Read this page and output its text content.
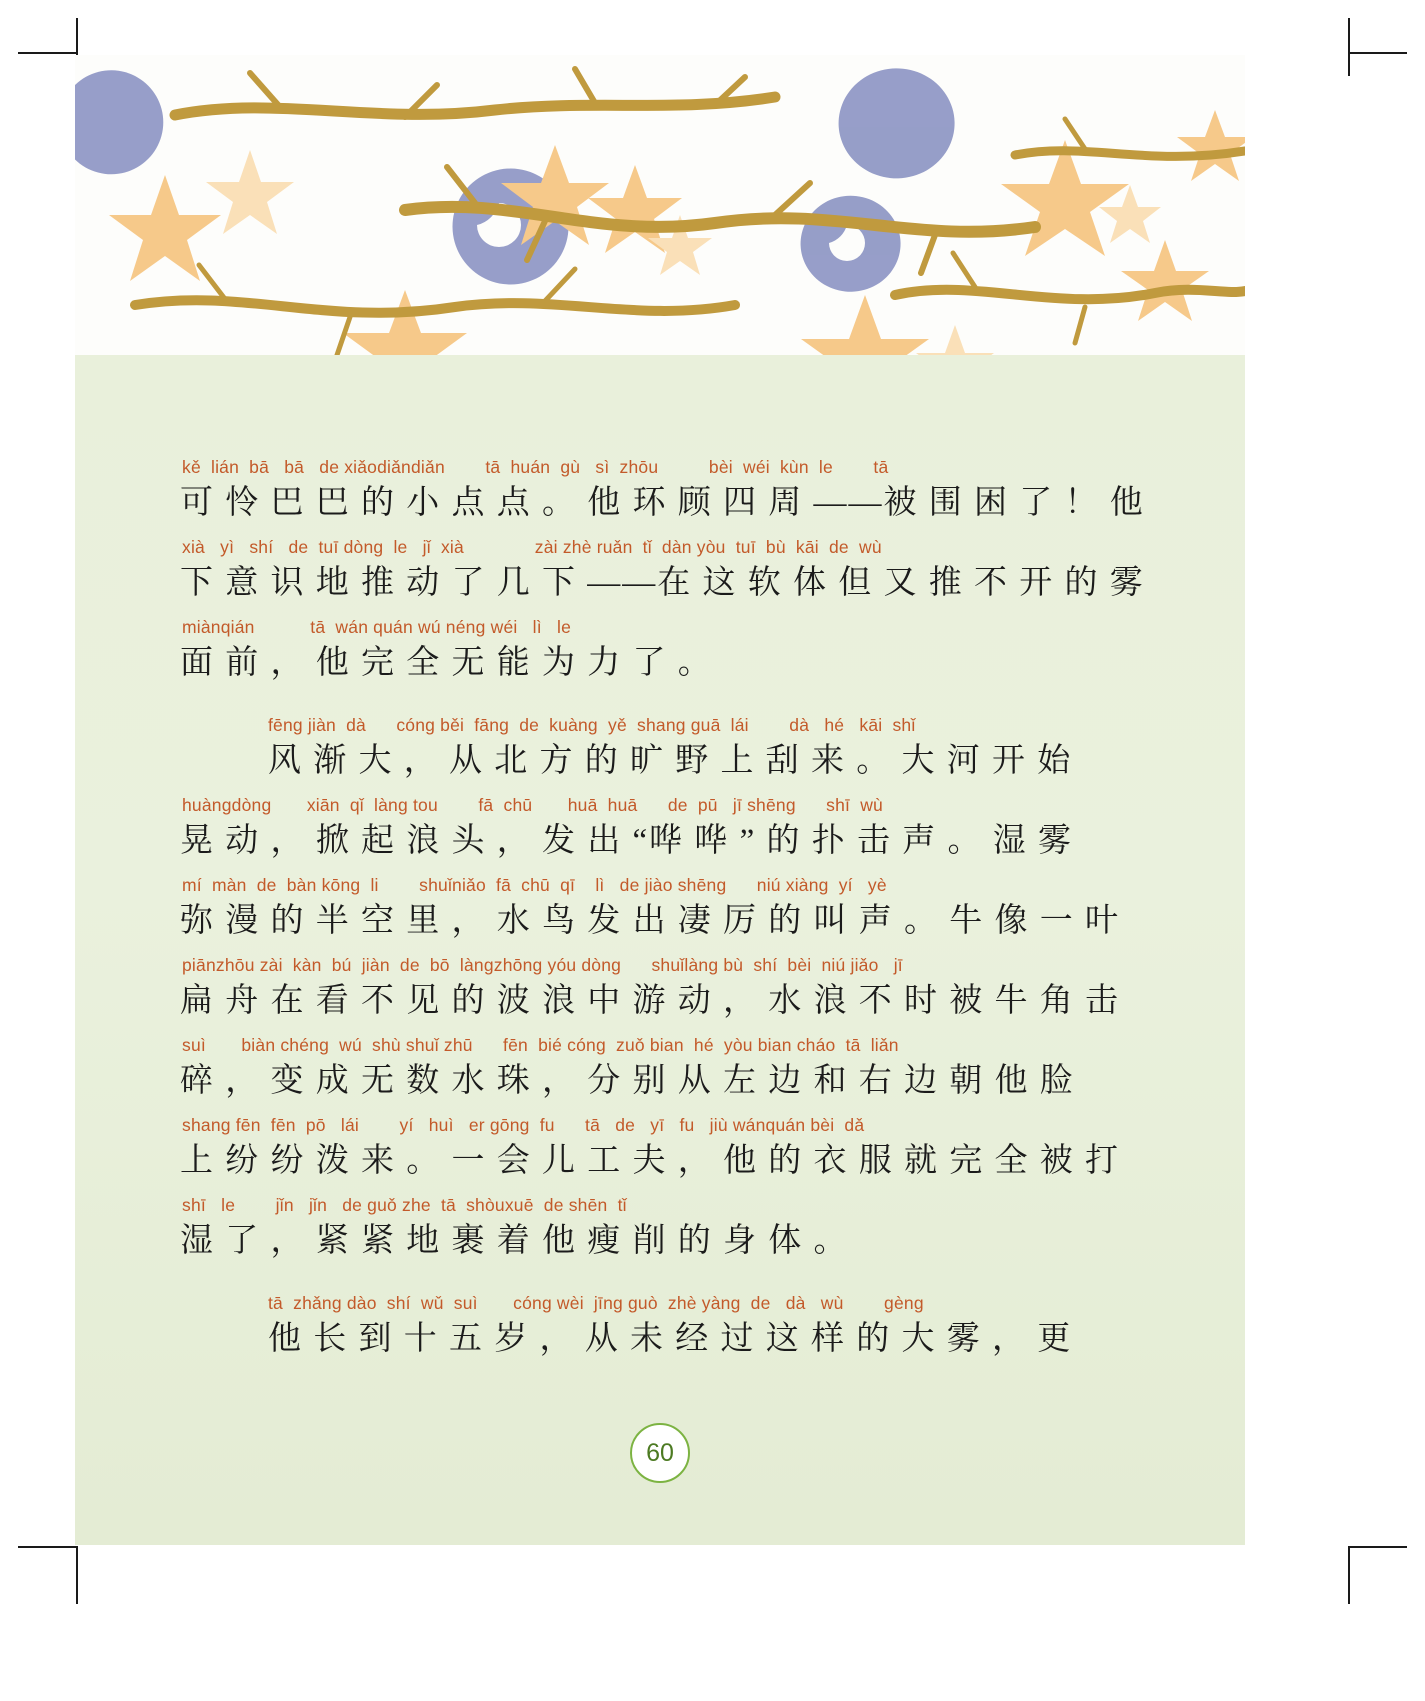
kě  lián  bā   bā   de xiǎodiǎndiǎn        tā  huán  gù   sì  zhōu          bèi  wéi  kùn  le        tā
可 怜 巴 巴 的 小 点 点 。 他 环 顾 四 周 ——被 围 困 了 ！ 他
xià   yì   shí   de  tuī dòng  le   jǐ  xià              zài zhè ruǎn  tǐ  dàn yòu  tuī  bù  kāi  de  wù
下 意 识 地 推 动 了 几 下 ——在 这 软 体 但 又 推 不 开 的 雾
miànqián           tā  wán quán wú néng wéi   lì   le
面 前 ， 他 完 全 无 能 为 力 了 。
fēng jiàn  dà      cóng běi  fāng  de  kuàng  yě  shang guā  lái        dà   hé   kāi  shǐ
风 渐 大 ， 从 北 方 的 旷 野 上 刮 来 。 大 河 开 始
huàngdòng       xiān  qǐ  làng tou        fā  chū       huā  huā      de  pū   jī shēng      shī  wù
晃 动 ， 掀 起 浪 头 ， 发 出 “哗 哗 ” 的 扑 击 声 。 湿 雾
mí  màn  de  bàn kōng  li        shuǐniǎo  fā  chū  qī    lì   de jiào shēng      niú xiàng  yí   yè
弥 漫 的 半 空 里 ， 水 鸟 发 出 凄 厉 的 叫 声 。 牛 像 一 叶
piānzhōu zài  kàn  bú  jiàn  de  bō  làngzhōng yóu dòng      shuǐlàng bù  shí  bèi  niú jiǎo   jī
扁 舟 在 看 不 见 的 波 浪 中 游 动 ， 水 浪 不 时 被 牛 角 击
suì       biàn chéng  wú  shù shuǐ zhū      fēn  bié cóng  zuǒ bian  hé  yòu bian cháo  tā  liǎn
碎 ， 变 成 无 数 水 珠 ， 分 别 从 左 边 和 右 边 朝 他 脸
shang fēn  fēn  pō   lái        yí   huì   er gōng  fu      tā   de   yī   fu   jiù wánquán bèi  dǎ
上 纷 纷 泼 来 。 一 会 儿 工 夫 ， 他 的 衣 服 就 完 全 被 打
shī   le        jǐn   jǐn   de guǒ zhe  tā  shòuxuē  de shēn  tǐ
湿 了 ， 紧 紧 地 裹 着 他 瘦 削 的 身 体 。
tā  zhǎng dào  shí  wǔ  suì       cóng wèi  jīng guò  zhè yàng  de   dà   wù        gèng
他 长 到 十 五 岁 ， 从 未 经 过 这 样 的 大 雾 ， 更
60
